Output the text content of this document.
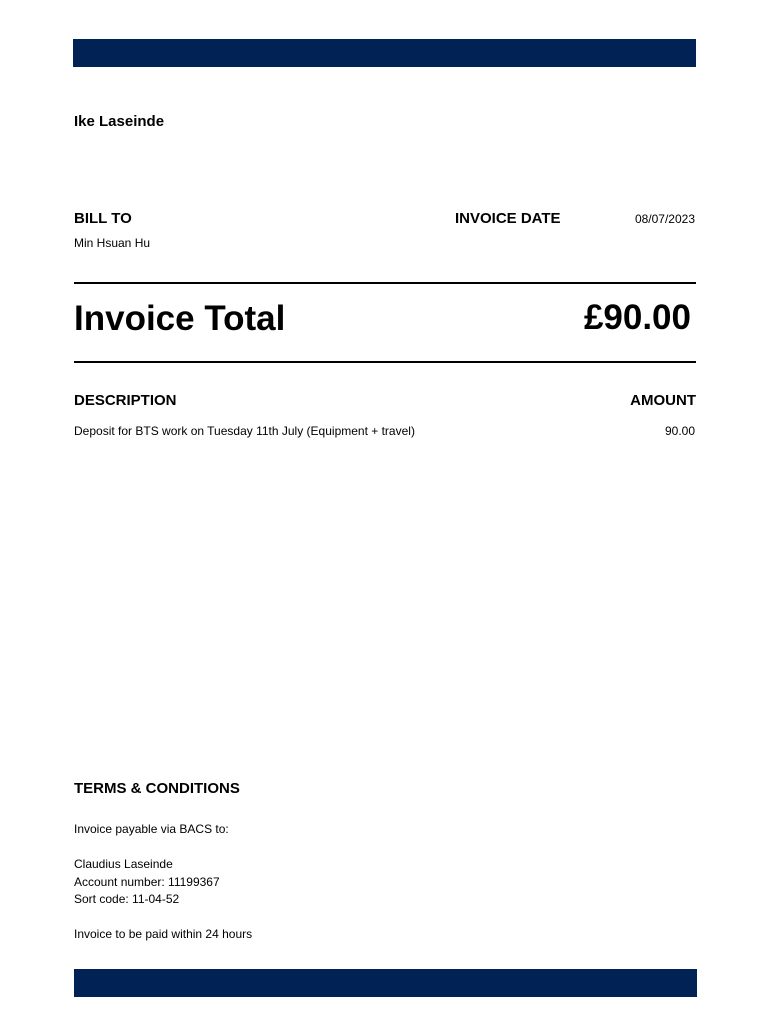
Ike Laseinde
BILL TO
Min Hsuan Hu
INVOICE DATE	08/07/2023
Invoice Total	£90.00
DESCRIPTION	AMOUNT
Deposit for BTS work on Tuesday 11th July (Equipment + travel)	90.00
TERMS & CONDITIONS
Invoice payable via BACS to:
Claudius Laseinde
Account number: 11199367
Sort code: 11-04-52
Invoice to be paid within 24 hours
